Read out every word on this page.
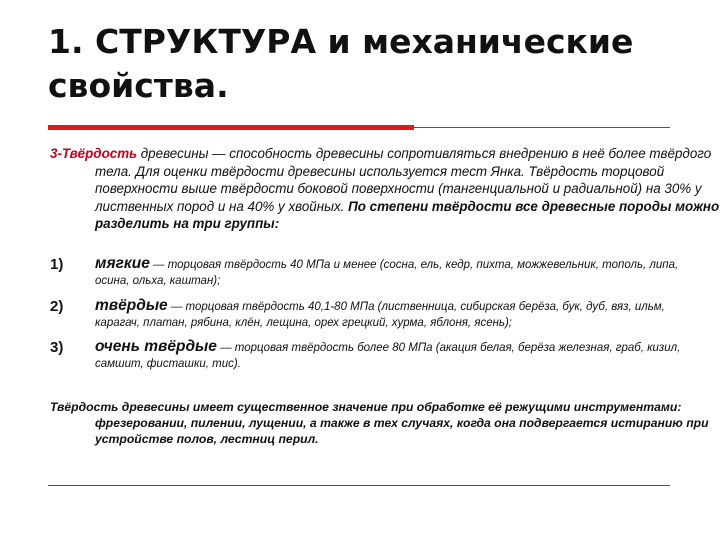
1. СТРУКТУРА и механические свойства.

3-Твёрдость древесины — способность древесины сопротивляться внедрению в неё более твёрдого тела. Для оценки твёрдости древесины используется тест Янка. Твёрдость торцовой поверхности выше твёрдости боковой поверхности (тангенциальной и радиальной) на 30% у лиственных пород и на 40% у хвойных. По степени твёрдости все древесные породы можно разделить на три группы:

1) мягкие — торцовая твёрдость 40 МПа и менее (сосна, ель, кедр, пихта, можжевельник, тополь, липа, осина, ольха, каштан);
2) твёрдые — торцовая твёрдость 40,1-80 МПа (лиственница, сибирская берёза, бук, дуб, вяз, ильм, карагач, платан, рябина, клён, лещина, орех грецкий, хурма, яблоня, ясень);
3) очень твёрдые — торцовая твёрдость более 80 МПа (акация белая, берёза железная, граб, кизил, самшит, фисташки, тис).

Твёрдость древесины имеет существенное значение при обработке её режущими инструментами: фрезеровании, пилении, лущении, а также в тех случаях, когда она подвергается истиранию при устройстве полов, лестниц перил.
